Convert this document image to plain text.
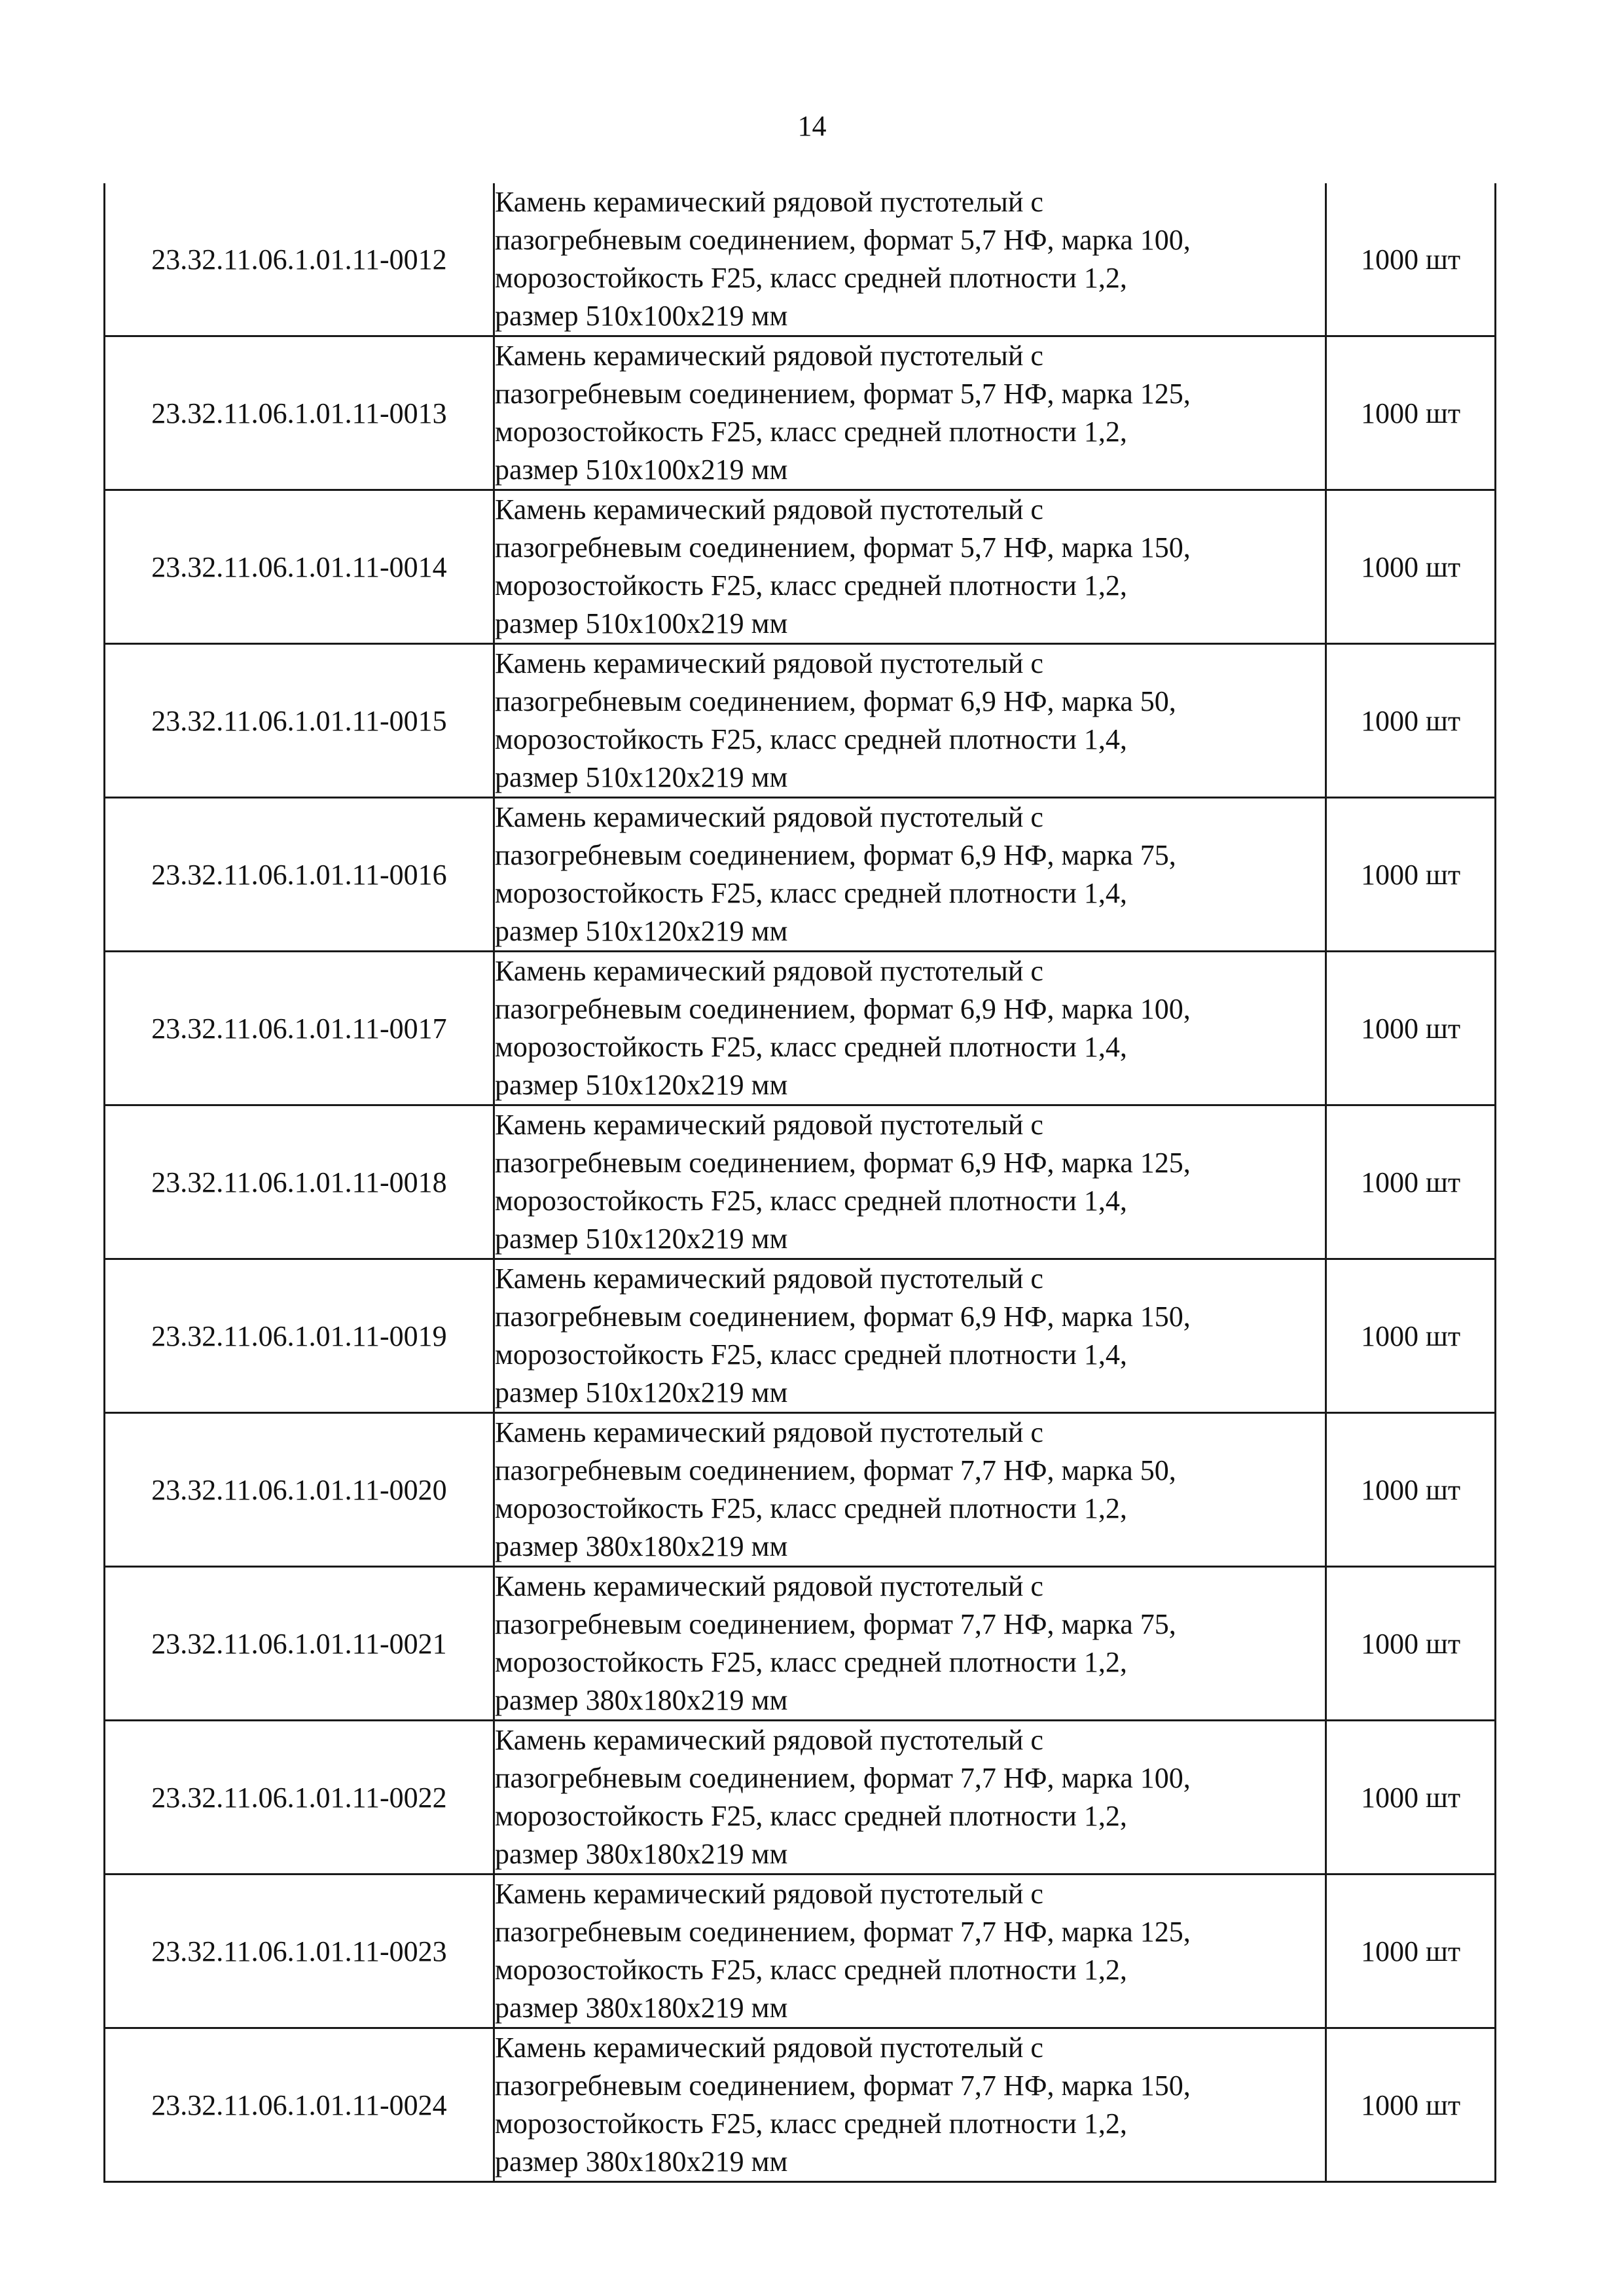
14
23.32.11.06.1.01.11-0012	Камень керамический рядовой пустотелый с
пазогребневым соединением, формат 5,7 НФ, марка 100,
морозостойкость F25, класс средней плотности 1,2,
размер 510x100x219 мм	1000 шт
23.32.11.06.1.01.11-0013	Камень керамический рядовой пустотелый с
пазогребневым соединением, формат 5,7 НФ, марка 125,
морозостойкость F25, класс средней плотности 1,2,
размер 510x100x219 мм	1000 шт
23.32.11.06.1.01.11-0014	Камень керамический рядовой пустотелый с
пазогребневым соединением, формат 5,7 НФ, марка 150,
морозостойкость F25, класс средней плотности 1,2,
размер 510x100x219 мм	1000 шт
23.32.11.06.1.01.11-0015	Камень керамический рядовой пустотелый с
пазогребневым соединением, формат 6,9 НФ, марка 50,
морозостойкость F25, класс средней плотности 1,4,
размер 510x120x219 мм	1000 шт
23.32.11.06.1.01.11-0016	Камень керамический рядовой пустотелый с
пазогребневым соединением, формат 6,9 НФ, марка 75,
морозостойкость F25, класс средней плотности 1,4,
размер 510x120x219 мм	1000 шт
23.32.11.06.1.01.11-0017	Камень керамический рядовой пустотелый с
пазогребневым соединением, формат 6,9 НФ, марка 100,
морозостойкость F25, класс средней плотности 1,4,
размер 510x120x219 мм	1000 шт
23.32.11.06.1.01.11-0018	Камень керамический рядовой пустотелый с
пазогребневым соединением, формат 6,9 НФ, марка 125,
морозостойкость F25, класс средней плотности 1,4,
размер 510x120x219 мм	1000 шт
23.32.11.06.1.01.11-0019	Камень керамический рядовой пустотелый с
пазогребневым соединением, формат 6,9 НФ, марка 150,
морозостойкость F25, класс средней плотности 1,4,
размер 510x120x219 мм	1000 шт
23.32.11.06.1.01.11-0020	Камень керамический рядовой пустотелый с
пазогребневым соединением, формат 7,7 НФ, марка 50,
морозостойкость F25, класс средней плотности 1,2,
размер 380x180x219 мм	1000 шт
23.32.11.06.1.01.11-0021	Камень керамический рядовой пустотелый с
пазогребневым соединением, формат 7,7 НФ, марка 75,
морозостойкость F25, класс средней плотности 1,2,
размер 380x180x219 мм	1000 шт
23.32.11.06.1.01.11-0022	Камень керамический рядовой пустотелый с
пазогребневым соединением, формат 7,7 НФ, марка 100,
морозостойкость F25, класс средней плотности 1,2,
размер 380x180x219 мм	1000 шт
23.32.11.06.1.01.11-0023	Камень керамический рядовой пустотелый с
пазогребневым соединением, формат 7,7 НФ, марка 125,
морозостойкость F25, класс средней плотности 1,2,
размер 380x180x219 мм	1000 шт
23.32.11.06.1.01.11-0024	Камень керамический рядовой пустотелый с
пазогребневым соединением, формат 7,7 НФ, марка 150,
морозостойкость F25, класс средней плотности 1,2,
размер 380x180x219 мм	1000 шт
